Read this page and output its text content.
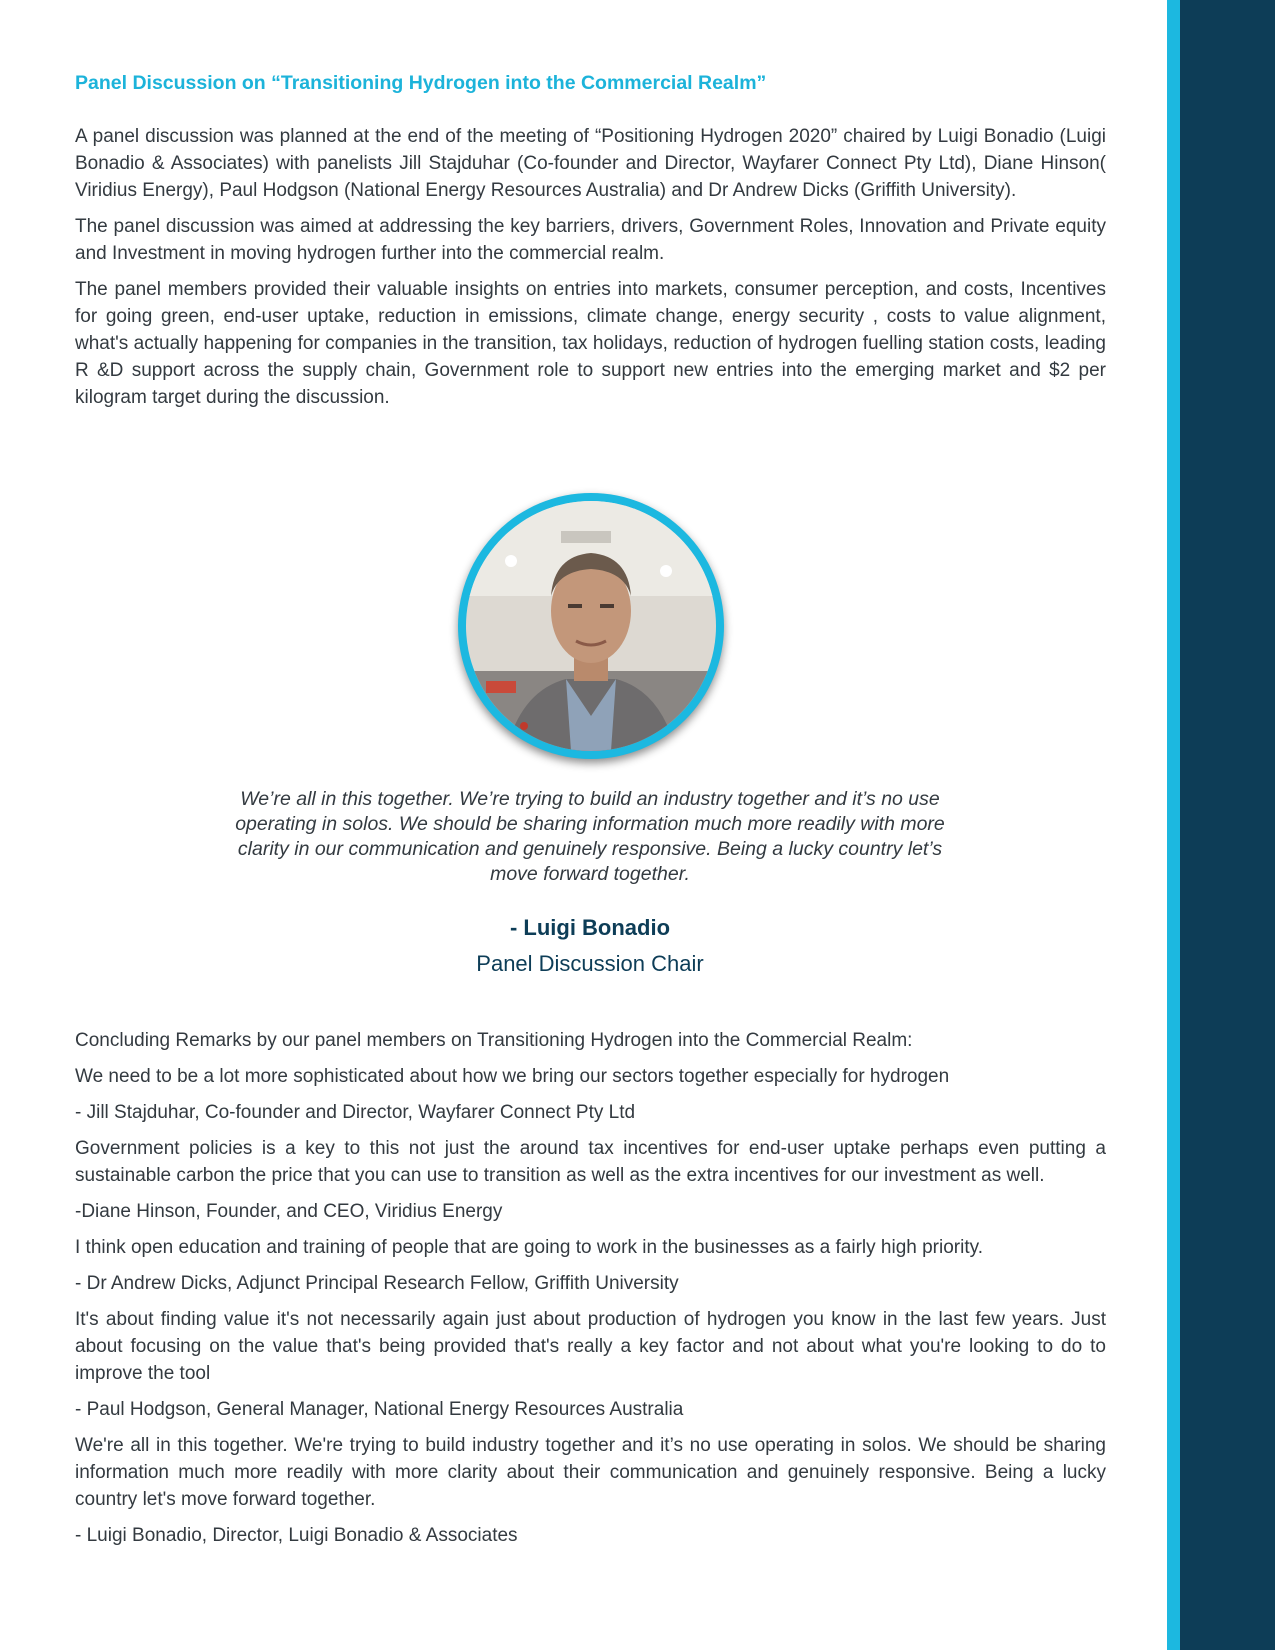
Panel Discussion on “Transitioning Hydrogen into the Commercial Realm”

A panel discussion was planned at the end of the meeting of “Positioning Hydrogen 2020” chaired by Luigi Bonadio (Luigi Bonadio & Associates) with panelists Jill Stajduhar (Co-founder and Director, Wayfarer Connect Pty Ltd), Diane Hinson( Viridius Energy), Paul Hodgson (National Energy Resources Australia) and Dr Andrew Dicks (Griffith University).

The panel discussion was aimed at addressing the key barriers, drivers, Government Roles, Innovation and Private equity and Investment in moving hydrogen further into the commercial realm.

The panel members provided their valuable insights on entries into markets, consumer perception, and costs, Incentives for going green, end-user uptake, reduction in emissions, climate change, energy security , costs to value alignment, what's actually happening for companies in the transition, tax holidays, reduction of hydrogen fuelling station costs, leading R &D support across the supply chain, Government role to support new entries into the emerging market and $2 per kilogram target during the discussion.

We’re all in this together. We’re trying to build an industry together and it’s no use operating in solos. We should be sharing information much more readily with more clarity in our communication and genuinely responsive. Being a lucky country let’s move forward together.
- Luigi Bonadio
Panel Discussion Chair

Concluding Remarks by our panel members on Transitioning Hydrogen into the Commercial Realm:

We need to be a lot more sophisticated about how we bring our sectors together especially for hydrogen

- Jill Stajduhar, Co-founder and Director, Wayfarer Connect Pty Ltd

Government policies is a key to this not just the around tax incentives for end-user uptake perhaps even putting a sustainable carbon the price that you can use to transition as well as the extra incentives for our investment as well.

-Diane Hinson, Founder, and CEO, Viridius Energy

I think open education and training of people that are going to work in the businesses as a fairly high priority.

- Dr Andrew Dicks, Adjunct Principal Research Fellow, Griffith University

It's about finding value it's not necessarily again just about production of hydrogen you know in the last few years. Just about focusing on the value that's being provided that's really a key factor and not about what you're looking to do to improve the tool

- Paul Hodgson, General Manager, National Energy Resources Australia

We're all in this together. We're trying to build industry together and it’s no use operating in solos. We should be sharing information much more readily with more clarity about their communication and genuinely responsive. Being a lucky country let's move forward together.

- Luigi Bonadio, Director, Luigi Bonadio & Associates
